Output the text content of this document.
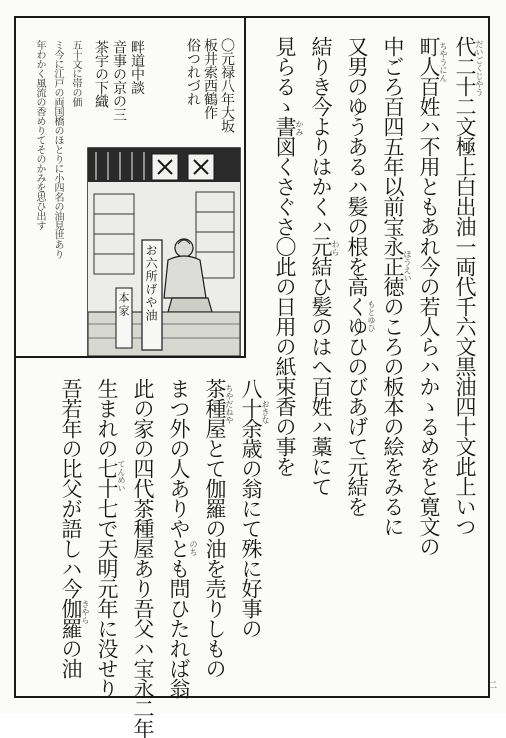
〇元禄八年大坂
板井索西鶴作
俗つれづれ
畔道中談
音事の京の三
茶宇の下織
五十文に帯の価
ミ今に江戸の両国橋のほとりに小四名の油見世あり
年わかく風流の香めりてそのかみを思ひ出す
お六所げや油
本家	代二十二文極上白出油一両代千六文黒油四十文此上いつ
町人百姓ハ不用ともあれ今の若人らハかゝるめをと寛文の
中ごろ百四五年以前宝永正徳のころの板本の絵をみるに
又男のゆうあるハ髪の根を高くゆひのびあげて元結を
結りき今よりはかくハ元結ひ髪のはへ百姓ハ藁にて
見らるゝ書図くさぐさ〇此の日用の紙束香の事を
八十余歳の翁にて殊に好事の
茶種屋とて伽羅の油を売りしもの
まつ外の人ありやとも問ひたれば翁
此の家の四代茶種屋あり吾父ハ宝永二年
生まれの七十七で天明元年に没せり
吾若年の比父が語しハ今伽羅の油
だいごくじやう
ちやうにん
ほうえい
もとゆひ
わら
かみ
おきな
ちやだねや
のち
てんめい
きやら
二
